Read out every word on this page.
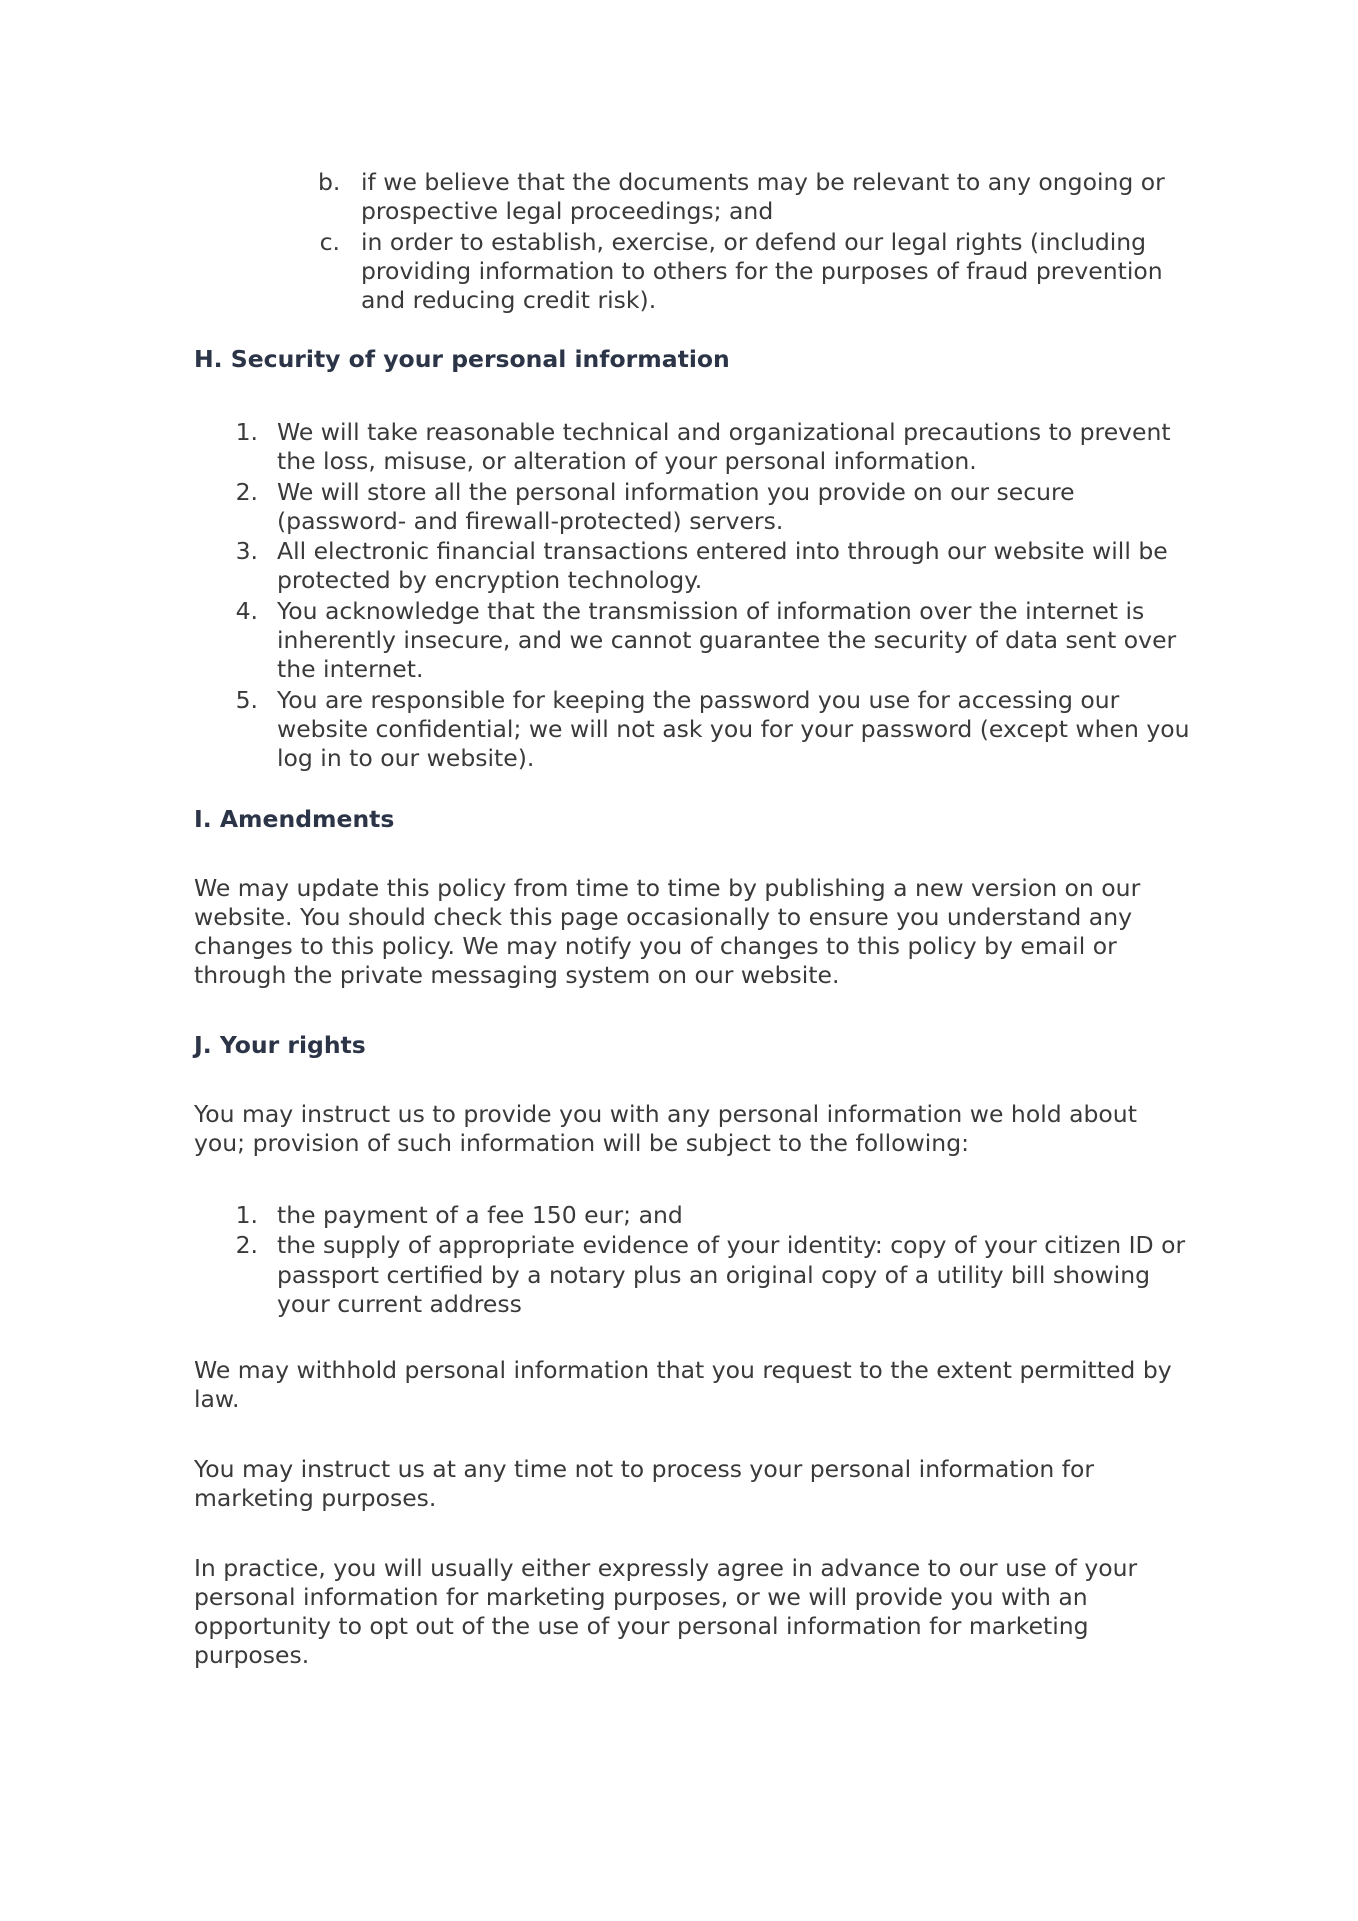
b. if we believe that the documents may be relevant to any ongoing or prospective legal proceedings; and
c. in order to establish, exercise, or defend our legal rights (including providing information to others for the purposes of fraud prevention and reducing credit risk).
H. Security of your personal information
1. We will take reasonable technical and organizational precautions to prevent the loss, misuse, or alteration of your personal information.
2. We will store all the personal information you provide on our secure (password- and firewall-protected) servers.
3. All electronic financial transactions entered into through our website will be protected by encryption technology.
4. You acknowledge that the transmission of information over the internet is inherently insecure, and we cannot guarantee the security of data sent over the internet.
5. You are responsible for keeping the password you use for accessing our website confidential; we will not ask you for your password (except when you log in to our website).
I. Amendments

We may update this policy from time to time by publishing a new version on our website. You should check this page occasionally to ensure you understand any changes to this policy. We may notify you of changes to this policy by email or through the private messaging system on our website.

J. Your rights

You may instruct us to provide you with any personal information we hold about you; provision of such information will be subject to the following:

1. the payment of a fee 150 eur; and
2. the supply of appropriate evidence of your identity: copy of your citizen ID or passport certified by a notary plus an original copy of a utility bill showing your current address

We may withhold personal information that you request to the extent permitted by law.

You may instruct us at any time not to process your personal information for marketing purposes.

In practice, you will usually either expressly agree in advance to our use of your personal information for marketing purposes, or we will provide you with an opportunity to opt out of the use of your personal information for marketing purposes.
